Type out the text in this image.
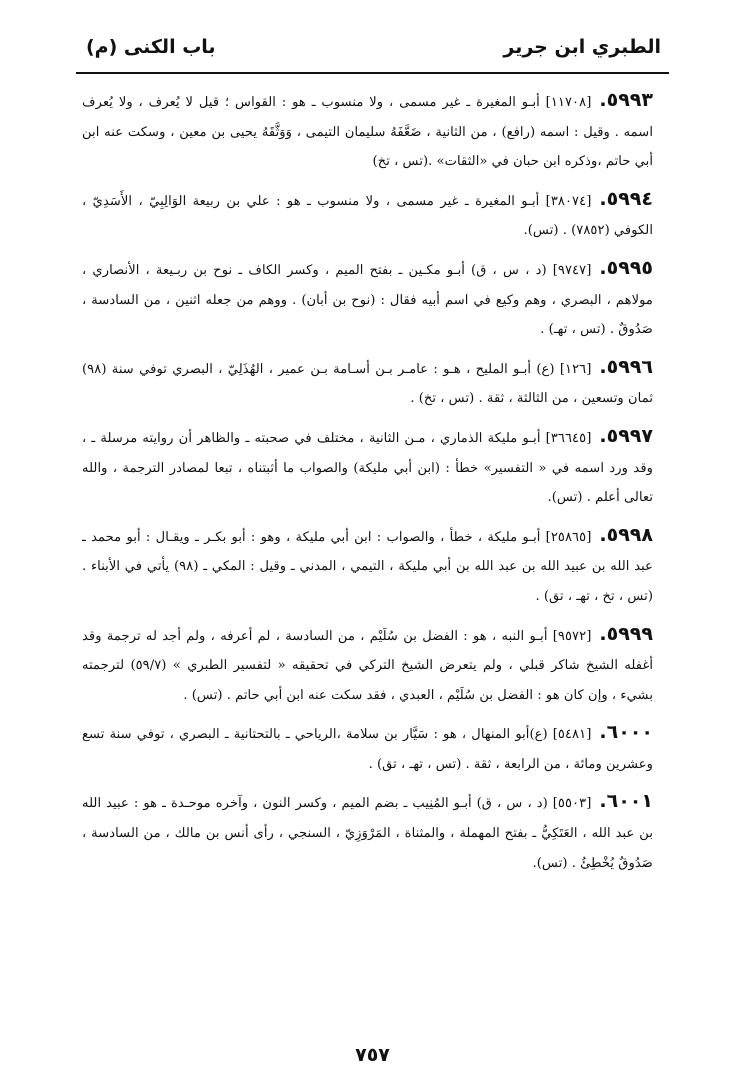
الطبري ابن جرير
باب الكنى (م)

٥٩٩٣.[١١٧٠٨] أبـو المغيرة ـ غير مسمى ، ولا منسوب ـ هو : القواس ؛ قيل لا يُعرف ، ولا يُعرف اسمه . وقيل : اسمه (رافع) ، من الثانية ، ضَعَّفَهُ سليمان التيمى ، وَوَثَّقَهُ يحيى بن معين ، وسكت عنه ابن أبي حاتم ،وذكره ابن حبان في «الثقات» .(تس ، تخ)

٥٩٩٤.[٣٨٠٧٤] أبـو المغيرة ـ غير مسمى ، ولا منسوب ـ هو : علي بن ربيعة الوَالِبِيّ ، الأَسَدِيّ ، الكوفي (٧٨٥٢) . (تس).

٥٩٩٥.[٩٧٤٧] (د ، س ، ق) أبـو مكـين ـ بفتح الميم ، وكسر الكاف ـ نوح بن ربـيعة ، الأنصاري ، مولاهم ، البصري ، وهم وكيع في اسم أبيه فقال : (نوح بن أبان) . ووهم من جعله اثنين ، من السادسة ، صَدُوقٌ . (تس ، تهـ) .

٥٩٩٦.[١٢٦] (ع) أبـو المليح ، هـو : عامـر بـن أسـامة بـن عمير ، الهُذَلِيّ ، البصري توفي سنة (٩٨) ثمان وتسعين ، من الثالثة ، ثقة . (تس ، تخ) .

٥٩٩٧.[٣٦٦٤٥] أبـو مليكة الذماري ، مـن الثانية ، مختلف في صحبته ـ والظاهر أن روايته مرسلة ـ ، وقد ورد اسمه في « التفسير» خطأ : (ابن أبي مليكة) والصواب ما أثبتناه ، تبعا لمصادر الترجمة ، والله تعالى أعلم . (تس).

٥٩٩٨.[٢٥٨٦٥] أبـو مليكة ، خطأ ، والصواب : ابن أبي مليكة ، وهو : أبو بكـر ـ ويقـال : أبو محمد ـ عبد الله بن عبيد الله بن عبد الله بن أبي مليكة ، التيمي ، المدني ـ وقيل : المكي ـ (٩٨) يأتي في الأبناء . (تس ، تخ ، تهـ ، تق) .

٥٩٩٩.[٩٥٧٢] أبـو النبه ، هو : الفضل بن سُلَيْم ، من السادسة ، لم أعرفه ، ولم أجد له ترجمة وقد أغفله الشيخ شاكر قبلي ، ولم يتعرض الشيخ التركي في تحقيقه « لتفسير الطبري » (٥٩/٧) لترجمته بشيء ، وإن كان هو : الفضل بن سُلَيْم ، العبدي ، فقد سكت عنه ابن أبي حاتم . (تس) .

٦٠٠٠.[٥٤٨١] (ع)أبو المنهال ، هو : سَيَّار بن سلامة ،الرياحي ـ بالتحتانية ـ البصري ، توفي سنة تسع وعشرين ومائة ، من الرابعة ، ثقة . (تس ، تهـ ، تق) .

٦٠٠١.[٥٥٠٣] (د ، س ، ق) أبـو المُنِيب ـ بضم الميم ، وكسر النون ، وآخره موحـدة ـ هو : عبيد الله بن عبد الله ، العَتَكِيُّ ـ بفتح المهملة ، والمثناة ، المَرْوَزِيّ ، السنجي ، رأى أنس بن مالك ، من السادسة ، صَدُوقٌ يُخْطِئُ . (تس).

٧٥٧
